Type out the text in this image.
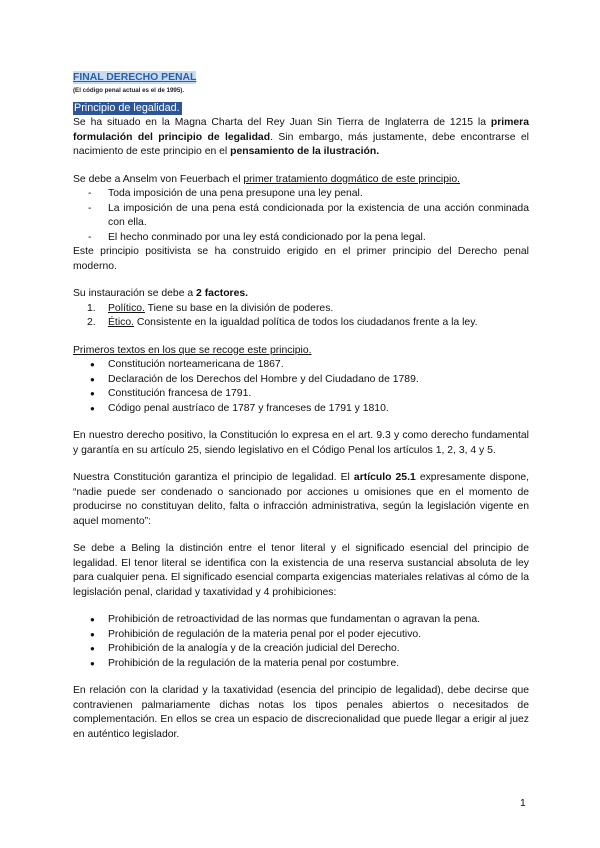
FINAL DERECHO PENAL

(El código penal actual es el de 1995).

Principio de legalidad.

Se ha situado en la Magna Charta del Rey Juan Sin Tierra de Inglaterra de 1215 la primera formulación del principio de legalidad. Sin embargo, más justamente, debe encontrarse el nacimiento de este principio en el pensamiento de la ilustración.

Se debe a Anselm von Feuerbach el primer tratamiento dogmático de este principio.

- Toda imposición de una pena presupone una ley penal.
- La imposición de una pena está condicionada por la existencia de una acción conminada con ella.
- El hecho conminado por una ley está condicionado por la pena legal.

Este principio positivista se ha construido erigido en el primer principio del Derecho penal moderno.

Su instauración se debe a 2 factores.

1. Político. Tiene su base en la división de poderes.
2. Ético. Consistente en la igualdad política de todos los ciudadanos frente a la ley.

Primeros textos en los que se recoge este principio.

● Constitución norteamericana de 1867.
● Declaración de los Derechos del Hombre y del Ciudadano de 1789.
● Constitución francesa de 1791.
● Código penal austríaco de 1787 y franceses de 1791 y 1810.

En nuestro derecho positivo, la Constitución lo expresa en el art. 9.3 y como derecho fundamental y garantía en su artículo 25, siendo legislativo en el Código Penal los artículos 1, 2, 3, 4 y 5.

Nuestra Constitución garantiza el principio de legalidad. El artículo 25.1 expresamente dispone, “nadie puede ser condenado o sancionado por acciones u omisiones que en el momento de producirse no constituyan delito, falta o infracción administrativa, según la legislación vigente en aquel momento”:

Se debe a Beling la distinción entre el tenor literal y el significado esencial del principio de legalidad. El tenor literal se identifica con la existencia de una reserva sustancial absoluta de ley para cualquier pena. El significado esencial comparta exigencias materiales relativas al cómo de la legislación penal, claridad y taxatividad y 4 prohibiciones:

● Prohibición de retroactividad de las normas que fundamentan o agravan la pena.
● Prohibición de regulación de la materia penal por el poder ejecutivo.
● Prohibición de la analogía y de la creación judicial del Derecho.
● Prohibición de la regulación de la materia penal por costumbre.

En relación con la claridad y la taxatividad (esencia del principio de legalidad), debe decirse que contravienen palmariamente dichas notas los tipos penales abiertos o necesitados de complementación. En ellos se crea un espacio de discrecionalidad que puede llegar a erigir al juez en auténtico legislador.

1
